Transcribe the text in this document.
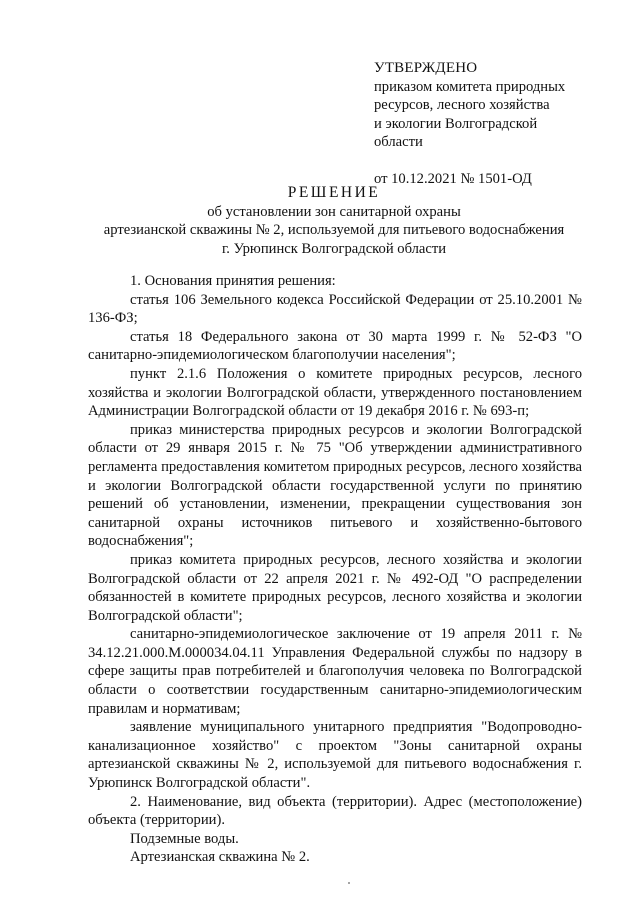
УТВЕРЖДЕНО
приказом комитета природных
ресурсов, лесного хозяйства
и экологии Волгоградской
области
от 10.12.2021 № 1501-ОД
РЕШЕНИЕ
об установлении зон санитарной охраны
артезианской скважины № 2, используемой для питьевого водоснабжения
г. Урюпинск Волгоградской области

1. Основания принятия решения:

статья 106 Земельного кодекса Российской Федерации от 25.10.2001 № 136-ФЗ;

статья 18 Федерального закона от 30 марта 1999 г. № 52-ФЗ "О санитарно-эпидемиологическом благополучии населения";

пункт 2.1.6 Положения о комитете природных ресурсов, лесного хозяйства и экологии Волгоградской области, утвержденного постановлением Администрации Волгоградской области от 19 декабря 2016 г. № 693-п;

приказ министерства природных ресурсов и экологии Волгоградской области от 29 января 2015 г. № 75 "Об утверждении административного регламента предоставления комитетом природных ресурсов, лесного хозяйства и экологии Волгоградской области государственной услуги по принятию решений об установлении, изменении, прекращении существования зон санитарной охраны источников питьевого и хозяйственно-бытового водоснабжения";

приказ комитета природных ресурсов, лесного хозяйства и экологии Волгоградской области от 22 апреля 2021 г. № 492-ОД "О распределении обязанностей в комитете природных ресурсов, лесного хозяйства и экологии Волгоградской области";

санитарно-эпидемиологическое заключение от 19 апреля 2011 г. № 34.12.21.000.М.000034.04.11 Управления Федеральной службы по надзору в сфере защиты прав потребителей и благополучия человека по Волгоградской области о соответствии государственным санитарно-эпидемиологическим правилам и нормативам;

заявление муниципального унитарного предприятия "Водопроводно-канализационное хозяйство" с проектом "Зоны санитарной охраны артезианской скважины № 2, используемой для питьевого водоснабжения г. Урюпинск Волгоградской области".

2. Наименование, вид объекта (территории). Адрес (местоположение) объекта (территории).

Подземные воды.

Артезианская скважина № 2.
